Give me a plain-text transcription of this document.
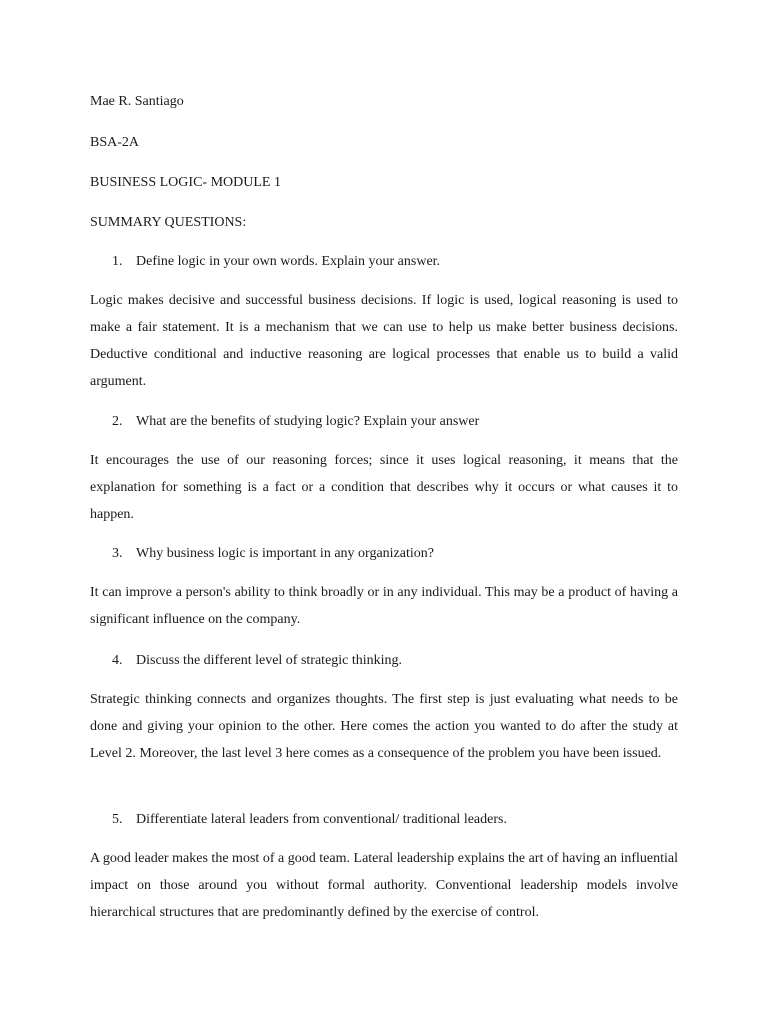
Mae R. Santiago
BSA-2A
BUSINESS LOGIC- MODULE 1
SUMMARY QUESTIONS:
1. Define logic in your own words. Explain your answer.

Logic makes decisive and successful business decisions. If logic is used, logical reasoning is used to make a fair statement. It is a mechanism that we can use to help us make better business decisions. Deductive conditional and inductive reasoning are logical processes that enable us to build a valid argument.

2. What are the benefits of studying logic? Explain your answer

It encourages the use of our reasoning forces; since it uses logical reasoning, it means that the explanation for something is a fact or a condition that describes why it occurs or what causes it to happen.

3. Why business logic is important in any organization?

It can improve a person's ability to think broadly or in any individual. This may be a product of having a significant influence on the company.

4. Discuss the different level of strategic thinking.

Strategic thinking connects and organizes thoughts. The first step is just evaluating what needs to be done and giving your opinion to the other. Here comes the action you wanted to do after the study at Level 2. Moreover, the last level 3 here comes as a consequence of the problem you have been issued.

5. Differentiate lateral leaders from conventional/ traditional leaders.

A good leader makes the most of a good team. Lateral leadership explains the art of having an influential impact on those around you without formal authority. Conventional leadership models involve hierarchical structures that are predominantly defined by the exercise of control.
